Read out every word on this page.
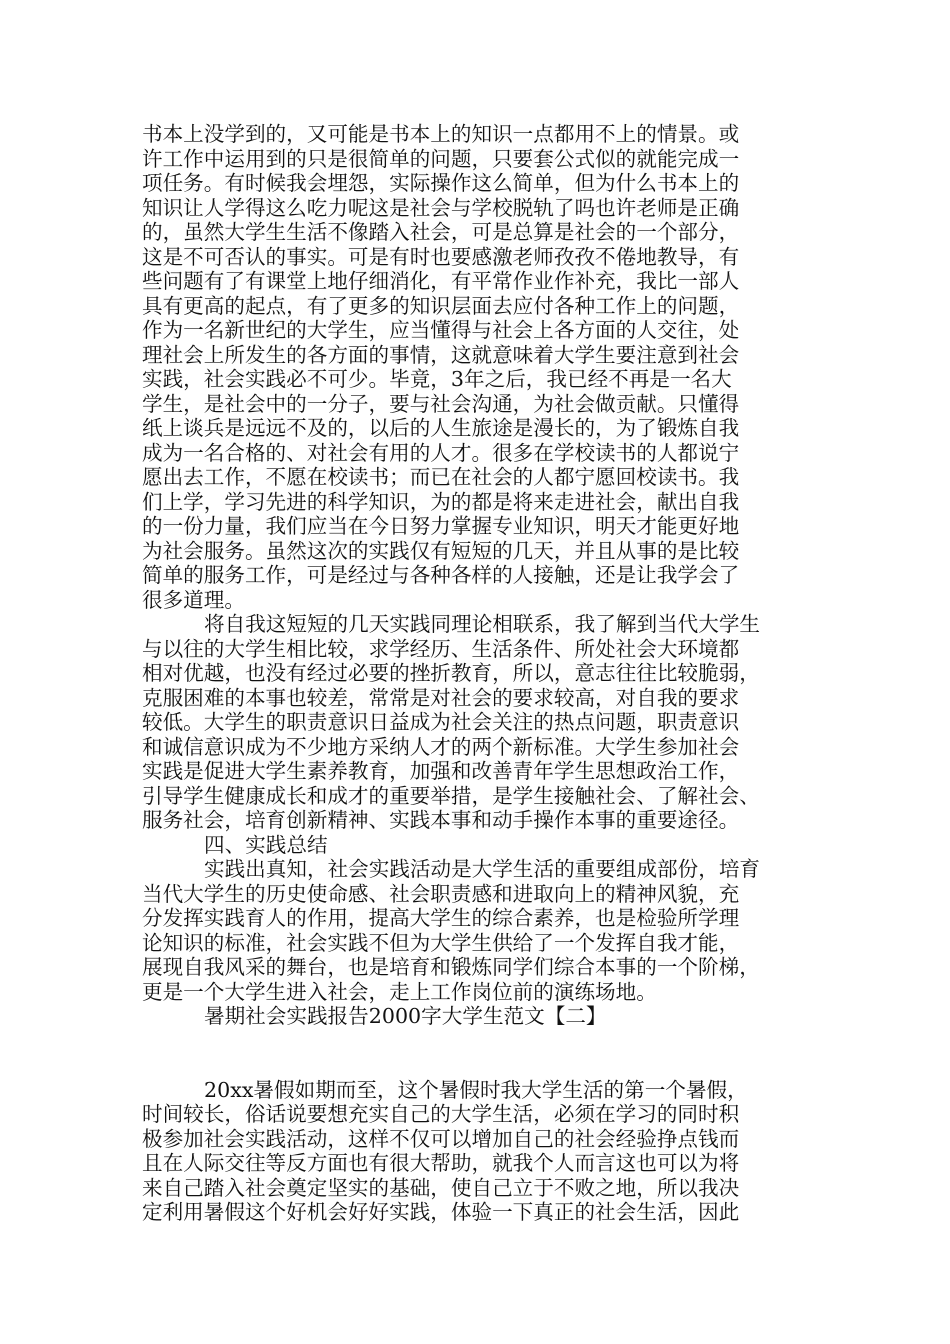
书本上没学到的，又可能是书本上的知识一点都用不上的情景。或
许工作中运用到的只是很简单的问题，只要套公式似的就能完成一
项任务。有时候我会埋怨，实际操作这么简单，但为什么书本上的
知识让人学得这么吃力呢这是社会与学校脱轨了吗也许老师是正确
的，虽然大学生生活不像踏入社会，可是总算是社会的一个部分，
这是不可否认的事实。可是有时也要感激老师孜孜不倦地教导，有
些问题有了有课堂上地仔细消化，有平常作业作补充，我比一部人
具有更高的起点，有了更多的知识层面去应付各种工作上的问题，
作为一名新世纪的大学生，应当懂得与社会上各方面的人交往，处
理社会上所发生的各方面的事情，这就意味着大学生要注意到社会
实践，社会实践必不可少。毕竟，3年之后，我已经不再是一名大
学生，是社会中的一分子，要与社会沟通，为社会做贡献。只懂得
纸上谈兵是远远不及的，以后的人生旅途是漫长的，为了锻炼自我
成为一名合格的、对社会有用的人才。很多在学校读书的人都说宁
愿出去工作，不愿在校读书；而已在社会的人都宁愿回校读书。我
们上学，学习先进的科学知识，为的都是将来走进社会，献出自我
的一份力量，我们应当在今日努力掌握专业知识，明天才能更好地
为社会服务。虽然这次的实践仅有短短的几天，并且从事的是比较
简单的服务工作，可是经过与各种各样的人接触，还是让我学会了
很多道理。
将自我这短短的几天实践同理论相联系，我了解到当代大学生
与以往的大学生相比较，求学经历、生活条件、所处社会大环境都
相对优越，也没有经过必要的挫折教育，所以，意志往往比较脆弱，
克服困难的本事也较差，常常是对社会的要求较高，对自我的要求
较低。大学生的职责意识日益成为社会关注的热点问题，职责意识
和诚信意识成为不少地方采纳人才的两个新标准。大学生参加社会
实践是促进大学生素养教育，加强和改善青年学生思想政治工作，
引导学生健康成长和成才的重要举措，是学生接触社会、了解社会、
服务社会，培育创新精神、实践本事和动手操作本事的重要途径。
四、实践总结
实践出真知，社会实践活动是大学生活的重要组成部份，培育
当代大学生的历史使命感、社会职责感和进取向上的精神风貌，充
分发挥实践育人的作用，提高大学生的综合素养，也是检验所学理
论知识的标准，社会实践不但为大学生供给了一个发挥自我才能，
展现自我风采的舞台，也是培育和锻炼同学们综合本事的一个阶梯，
更是一个大学生进入社会，走上工作岗位前的演练场地。
暑期社会实践报告2000字大学生范文【二】
20xx暑假如期而至，这个暑假时我大学生活的第一个暑假，
时间较长，俗话说要想充实自己的大学生活，必须在学习的同时积
极参加社会实践活动，这样不仅可以增加自己的社会经验挣点钱而
且在人际交往等反方面也有很大帮助，就我个人而言这也可以为将
来自己踏入社会奠定坚实的基础，使自己立于不败之地，所以我决
定利用暑假这个好机会好好实践，体验一下真正的社会生活，因此
